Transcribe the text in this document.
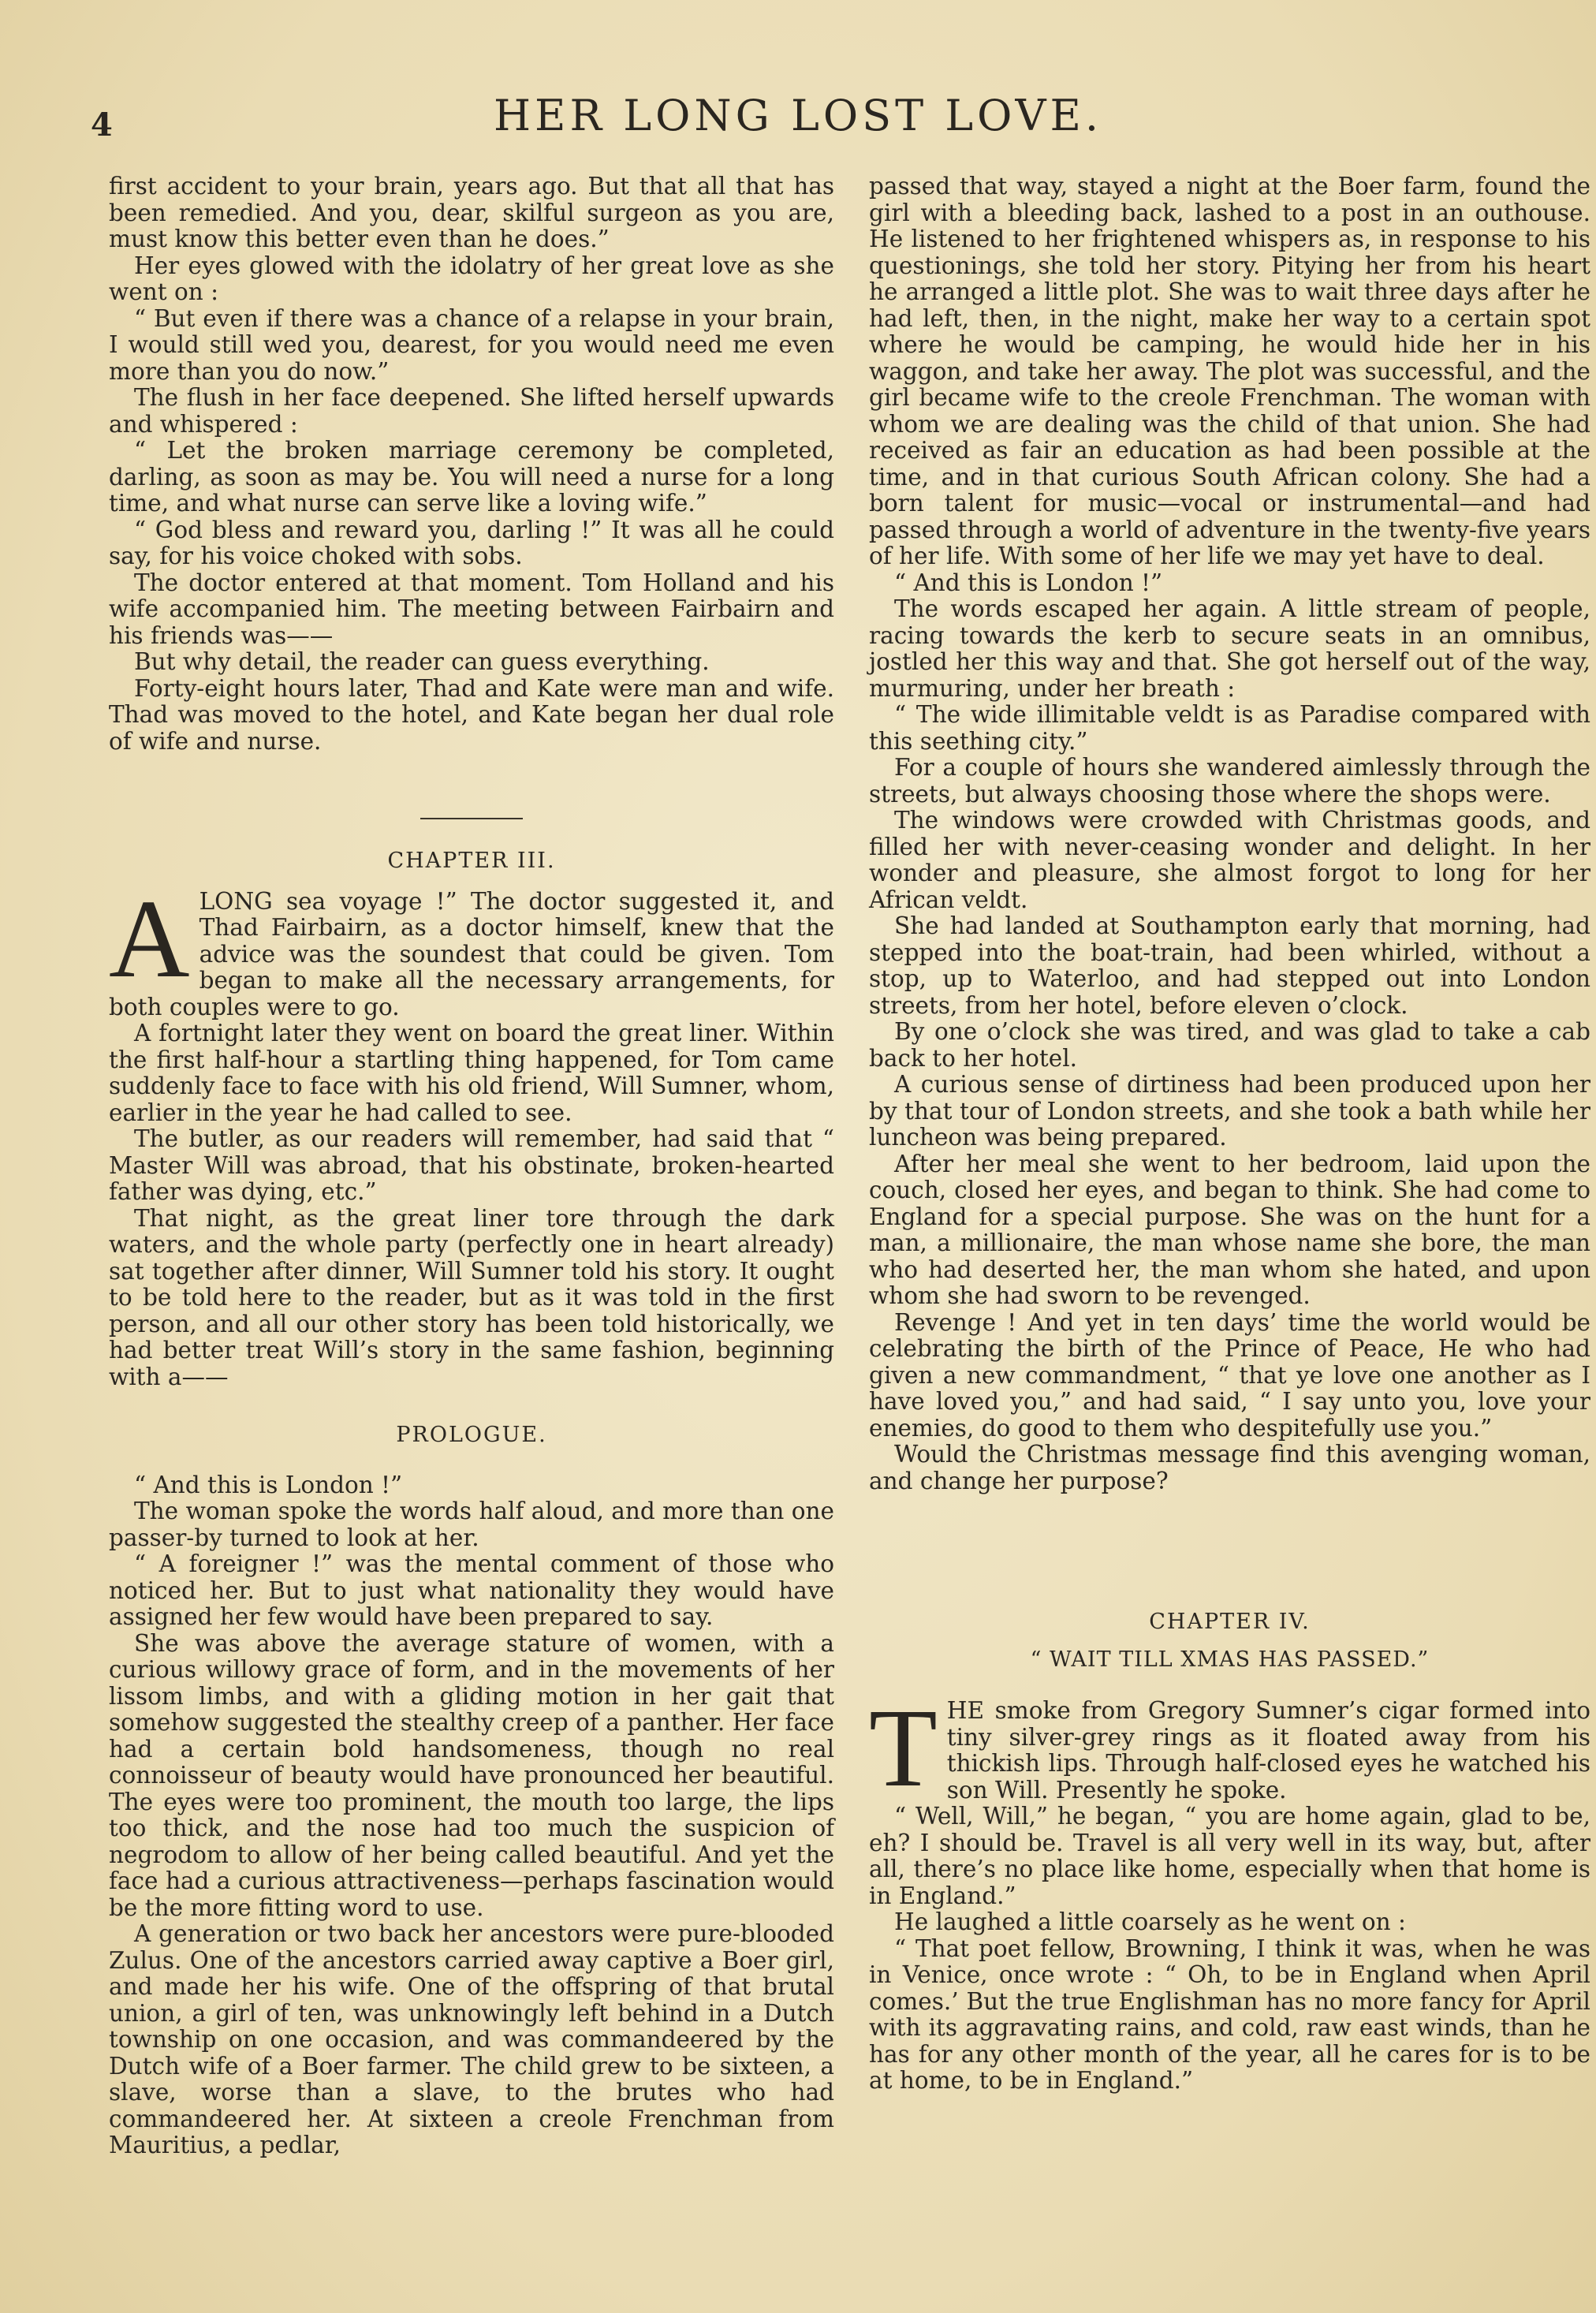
4	HER LONG LOST LOVE.

first accident to your brain, years ago. But that all that has been remedied. And you, dear, skilful surgeon as you are, must know this better even than he does.”

Her eyes glowed with the idolatry of her great love as she went on :

“ But even if there was a chance of a relapse in your brain, I would still wed you, dearest, for you would need me even more than you do now.”

The flush in her face deepened. She lifted herself upwards and whispered :

“ Let the broken marriage ceremony be completed, darling, as soon as may be. You will need a nurse for a long time, and what nurse can serve like a loving wife.”

“ God bless and reward you, darling !” It was all he could say, for his voice choked with sobs.

The doctor entered at that moment. Tom Holland and his wife accompanied him. The meeting between Fairbairn and his friends was——

But why detail, the reader can guess everything.

Forty-eight hours later, Thad and Kate were man and wife. Thad was moved to the hotel, and Kate began her dual role of wife and nurse.

CHAPTER III.

A LONG sea voyage !” The doctor suggested it, and Thad Fairbairn, as a doctor himself, knew that the advice was the soundest that could be given. Tom began to make all the necessary arrangements, for both couples were to go.

A fortnight later they went on board the great liner. Within the first half-hour a startling thing happened, for Tom came suddenly face to face with his old friend, Will Sumner, whom, earlier in the year he had called to see.

The butler, as our readers will remember, had said that “ Master Will was abroad, that his obstinate, broken-hearted father was dying, etc.”

That night, as the great liner tore through the dark waters, and the whole party (perfectly one in heart already) sat together after dinner, Will Sumner told his story. It ought to be told here to the reader, but as it was told in the first person, and all our other story has been told historically, we had better treat Will’s story in the same fashion, beginning with a——

PROLOGUE.

“ And this is London !”

The woman spoke the words half aloud, and more than one passer-by turned to look at her.

“ A foreigner !” was the mental comment of those who noticed her. But to just what nationality they would have assigned her few would have been prepared to say.

She was above the average stature of women, with a curious willowy grace of form, and in the movements of her lissom limbs, and with a gliding motion in her gait that somehow suggested the stealthy creep of a panther. Her face had a certain bold handsomeness, though no real connoisseur of beauty would have pronounced her beautiful. The eyes were too prominent, the mouth too large, the lips too thick, and the nose had too much the suspicion of negrodom to allow of her being called beautiful. And yet the face had a curious attractiveness—perhaps fascination would be the more fitting word to use.

A generation or two back her ancestors were pure-blooded Zulus. One of the ancestors carried away captive a Boer girl, and made her his wife. One of the offspring of that brutal union, a girl of ten, was unknowingly left behind in a Dutch township on one occasion, and was commandeered by the Dutch wife of a Boer farmer. The child grew to be sixteen, a slave, worse than a slave, to the brutes who had commandeered her. At sixteen a creole Frenchman from Mauritius, a pedlar,

passed that way, stayed a night at the Boer farm, found the girl with a bleeding back, lashed to a post in an outhouse. He listened to her frightened whispers as, in response to his questionings, she told her story. Pitying her from his heart he arranged a little plot. She was to wait three days after he had left, then, in the night, make her way to a certain spot where he would be camping, he would hide her in his waggon, and take her away. The plot was successful, and the girl became wife to the creole Frenchman. The woman with whom we are dealing was the child of that union. She had received as fair an education as had been possible at the time, and in that curious South African colony. She had a born talent for music—vocal or instrumental—and had passed through a world of adventure in the twenty-five years of her life. With some of her life we may yet have to deal.

“ And this is London !”

The words escaped her again. A little stream of people, racing towards the kerb to secure seats in an omnibus, jostled her this way and that. She got herself out of the way, murmuring, under her breath :

“ The wide illimitable veldt is as Paradise compared with this seething city.”

For a couple of hours she wandered aimlessly through the streets, but always choosing those where the shops were.

The windows were crowded with Christmas goods, and filled her with never-ceasing wonder and delight. In her wonder and pleasure, she almost forgot to long for her African veldt.

She had landed at Southampton early that morning, had stepped into the boat-train, had been whirled, without a stop, up to Waterloo, and had stepped out into London streets, from her hotel, before eleven o’clock.

By one o’clock she was tired, and was glad to take a cab back to her hotel.

A curious sense of dirtiness had been produced upon her by that tour of London streets, and she took a bath while her luncheon was being prepared.

After her meal she went to her bedroom, laid upon the couch, closed her eyes, and began to think. She had come to England for a special purpose. She was on the hunt for a man, a millionaire, the man whose name she bore, the man who had deserted her, the man whom she hated, and upon whom she had sworn to be revenged.

Revenge ! And yet in ten days’ time the world would be celebrating the birth of the Prince of Peace, He who had given a new commandment, “ that ye love one another as I have loved you,” and had said, “ I say unto you, love your enemies, do good to them who despitefully use you.”

Would the Christmas message find this avenging woman, and change her purpose?

CHAPTER IV.
“ WAIT TILL XMAS HAS PASSED.”

THE smoke from Gregory Sumner’s cigar formed into tiny silver-grey rings as it floated away from his thickish lips. Through half-closed eyes he watched his son Will. Presently he spoke.

“ Well, Will,” he began, “ you are home again, glad to be, eh? I should be. Travel is all very well in its way, but, after all, there’s no place like home, especially when that home is in England.”

He laughed a little coarsely as he went on :

“ That poet fellow, Browning, I think it was, when he was in Venice, once wrote : “ Oh, to be in England when April comes.’ But the true Englishman has no more fancy for April with its aggravating rains, and cold, raw east winds, than he has for any other month of the year, all he cares for is to be at home, to be in England.”
